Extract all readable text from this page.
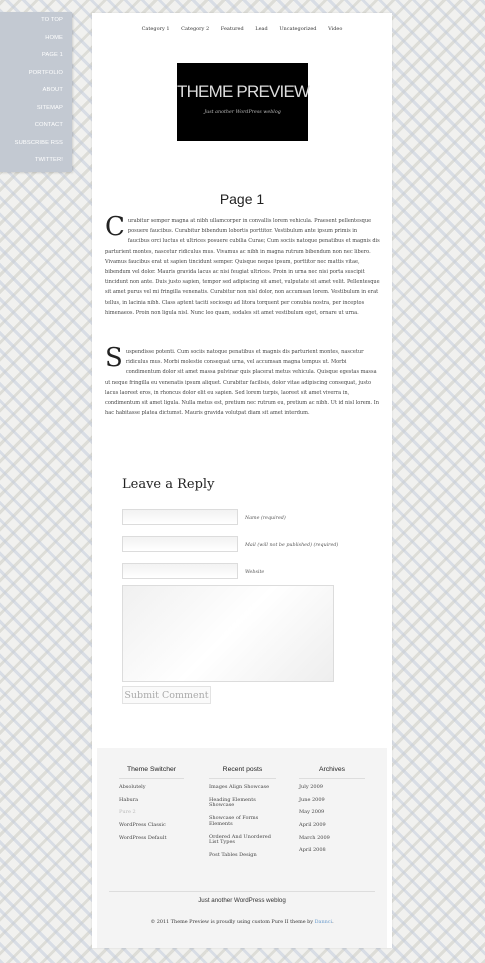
TO TOP
HOME
PAGE 1
PORTFOLIO
ABOUT
SITEMAP
CONTACT
SUBSCRIBE RSS
TWITTER!
Category 1 Category 2 Featured Lead Uncategorized Video
THEME PREVIEW
Just another WordPress weblog
Page 1
Curabitur semper magna at nibh ullamcorper in convallis lorem vehicula. Praesent pellentesque posuere faucibus. Curabitur bibendum lobortis porttitor. Vestibulum ante ipsum primis in faucibus orci luctus et ultrices posuere cubilia Curae; Cum sociis natoque penatibus et magnis dis parturient montes, nascetur ridiculus mus. Vivamus ac nibh in magna rutrum bibendum non nec libero. Vivamus faucibus erat ut sapien tincidunt semper. Quisque neque ipsum, porttitor nec mattis vitae, bibendum vel dolor. Mauris gravida lacus ac nisi feugiat ultrices. Proin in urna nec nisi porta suscipit tincidunt non ante. Duis justo sapien, tempor sed adipiscing sit amet, vulputate sit amet velit. Pellentesque sit amet purus vel mi fringilla venenatis. Curabitur non nisl dolor, non accumsan lorem. Vestibulum in erat tellus, in lacinia nibh. Class aptent taciti sociosqu ad litora torquent per conubia nostra, per inceptos himenaeos. Proin non ligula nisl. Nunc leo quam, sodales sit amet vestibulum eget, ornare ut urna.
Suspendisse potenti. Cum sociis natoque penatibus et magnis dis parturient montes, nascetur ridiculus mus. Morbi molestie consequat urna, vel accumsan magna tempus ut. Morbi condimentum dolor sit amet massa pulvinar quis placerat metus vehicula. Quisque egestas massa ut neque fringilla eu venenatis ipsum aliquet. Curabitur facilisis, dolor vitae adipiscing consequat, justo lacus laoreet eros, in rhoncus dolor elit eu sapien. Sed lorem turpis, laoreet sit amet viverra in, condimentum sit amet ligula. Nulla metus est, pretium nec rutrum eu, pretium ac nibh. Ut id nisl lorem. In hac habitasse platea dictumst. Mauris gravida volutpat diam sit amet interdum.
Leave a Reply
Name (required)
Mail (will not be published) (required)
Website
Submit Comment
Theme Switcher
Absolutely
Habura
Pure 2
WordPress Classic
WordPress Default
Recent posts
Images Align Showcase
Heading Elements Showcase
Showcase of Forms Elements
Ordered And Unordered List Types
Post Tables Design
Archives
July 2009
June 2009
May 2009
April 2009
March 2009
April 2008
Just another WordPress weblog
© 2011 Theme Preview is proudly using custom Pure II theme by Dannci.
